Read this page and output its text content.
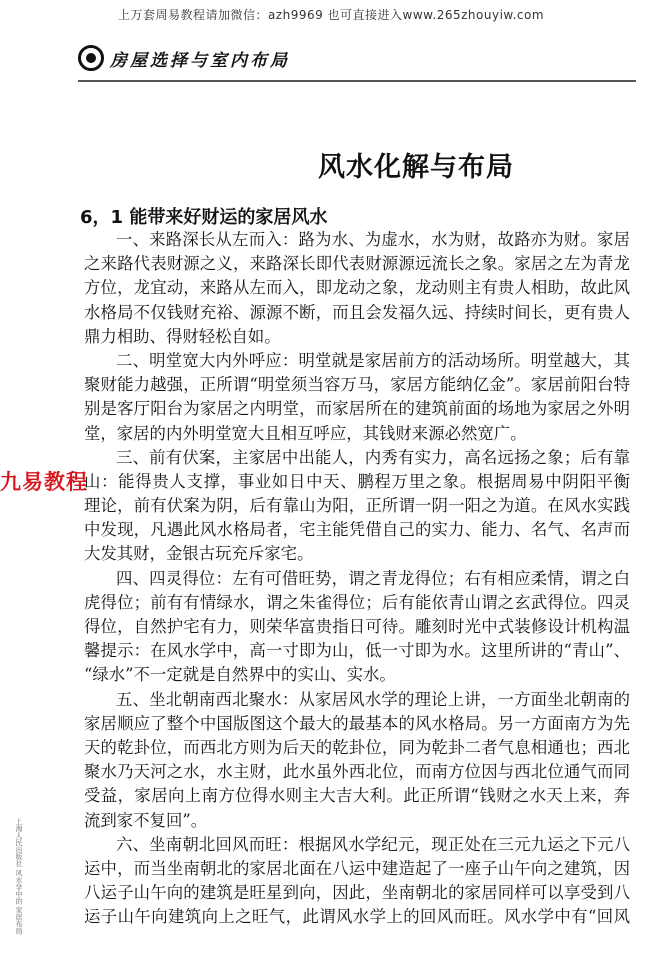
上万套周易教程请加微信：azh9969 也可直接进入www.265zhouyiw.com
房屋选择与室内布局
风水化解与布局
6，1 能带来好财运的家居风水
一、来路深长从左而入：路为水、为虚水，水为财，故路亦为财。家居
之来路代表财源之义，来路深长即代表财源源远流长之象。家居之左为青龙
方位，龙宜动，来路从左而入，即龙动之象，龙动则主有贵人相助，故此风
水格局不仅钱财充裕、源源不断，而且会发福久远、持续时间长，更有贵人
鼎力相助、得财轻松自如。
二、明堂宽大内外呼应：明堂就是家居前方的活动场所。明堂越大，其
聚财能力越强，正所谓“明堂须当容万马，家居方能纳亿金”。家居前阳台特
别是客厅阳台为家居之内明堂，而家居所在的建筑前面的场地为家居之外明
堂，家居的内外明堂宽大且相互呼应，其钱财来源必然宽广。
三、前有伏案，主家居中出能人，内秀有实力，高名远扬之象；后有靠
山：能得贵人支撑，事业如日中天、鹏程万里之象。根据周易中阴阳平衡
理论，前有伏案为阴，后有靠山为阳，正所谓一阴一阳之为道。在风水实践
中发现，凡遇此风水格局者，宅主能凭借自己的实力、能力、名气、名声而
大发其财，金银古玩充斥家宅。
四、四灵得位：左有可借旺势，谓之青龙得位；右有相应柔情，谓之白
虎得位；前有有情绿水，谓之朱雀得位；后有能依青山谓之玄武得位。四灵
得位，自然护宅有力，则荣华富贵指日可待。雕刻时光中式装修设计机构温
馨提示：在风水学中，高一寸即为山，低一寸即为水。这里所讲的“青山”、
“绿水”不一定就是自然界中的实山、实水。
五、坐北朝南西北聚水：从家居风水学的理论上讲，一方面坐北朝南的
家居顺应了整个中国版图这个最大的最基本的风水格局。另一方面南方为先
天的乾卦位，而西北方则为后天的乾卦位，同为乾卦二者气息相通也；西北
聚水乃天河之水，水主财，此水虽外西北位，而南方位因与西北位通气而同
受益，家居向上南方位得水则主大吉大利。此正所谓“钱财之水天上来，奔
流到家不复回”。
六、坐南朝北回风而旺：根据风水学纪元，现正处在三元九运之下元八
运中，而当坐南朝北的家居北面在八运中建造起了一座子山午向之建筑，因
八运子山午向的建筑是旺星到向，因此，坐南朝北的家居同样可以享受到八
运子山午向建筑向上之旺气，此谓风水学上的回风而旺。风水学中有“回风
九易教程
上海人民出版社 风水学中的 家居布局
